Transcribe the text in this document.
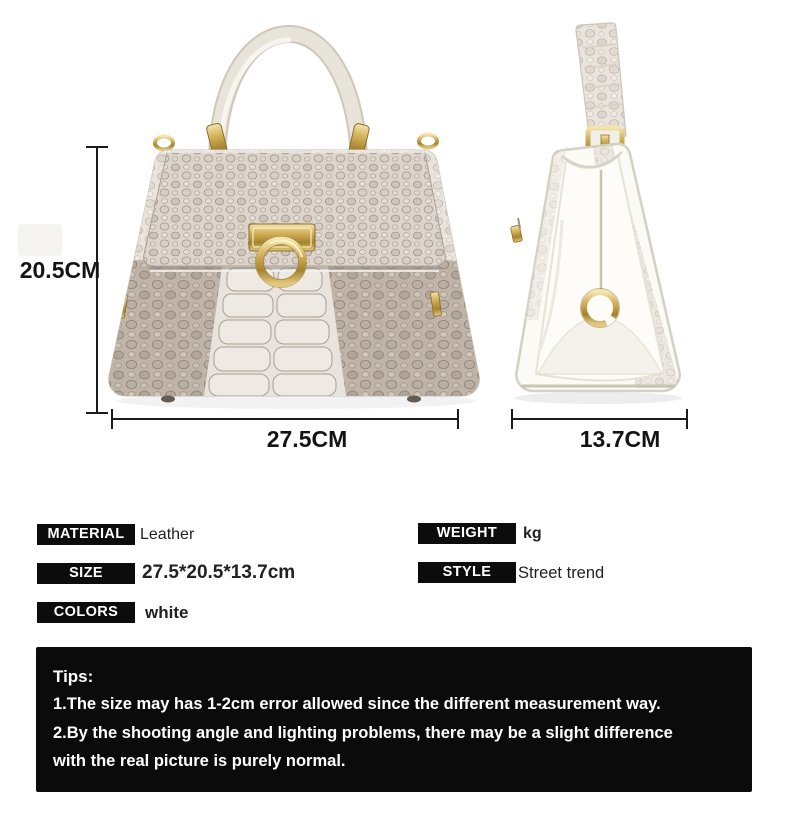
20.5CM
27.5CM	13.7CM
MATERIAL Leather	WEIGHT	kg
SIZE	27.5*20.5*13.7cm	STYLE	Street trend
COLORS	white
Tips:
1.The size may has 1-2cm error allowed since the different measurement way.
2.By the shooting angle and lighting problems, there may be a slight difference
with the real picture is purely normal.
